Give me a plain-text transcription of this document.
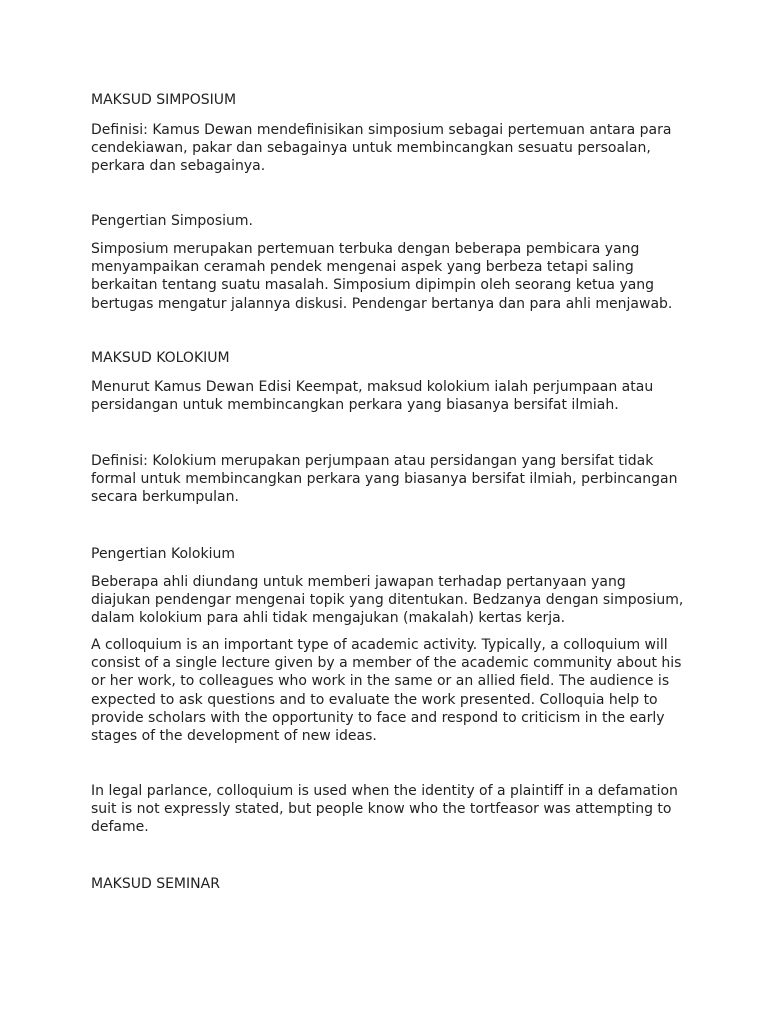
MAKSUD SIMPOSIUM

Definisi: Kamus Dewan mendefinisikan simposium sebagai pertemuan antara para
cendekiawan, pakar dan sebagainya untuk membincangkan sesuatu persoalan,
perkara dan sebagainya.

Pengertian Simposium.

Simposium merupakan pertemuan terbuka dengan beberapa pembicara yang
menyampaikan ceramah pendek mengenai aspek yang berbeza tetapi saling
berkaitan tentang suatu masalah. Simposium dipimpin oleh seorang ketua yang
bertugas mengatur jalannya diskusi. Pendengar bertanya dan para ahli menjawab.

MAKSUD KOLOKIUM

Menurut Kamus Dewan Edisi Keempat, maksud kolokium ialah perjumpaan atau
persidangan untuk membincangkan perkara yang biasanya bersifat ilmiah.

Definisi: Kolokium merupakan perjumpaan atau persidangan yang bersifat tidak
formal untuk membincangkan perkara yang biasanya bersifat ilmiah, perbincangan
secara berkumpulan.

Pengertian Kolokium

Beberapa ahli diundang untuk memberi jawapan terhadap pertanyaan yang
diajukan pendengar mengenai topik yang ditentukan. Bedzanya dengan simposium,
dalam kolokium para ahli tidak mengajukan (makalah) kertas kerja.

A colloquium is an important type of academic activity. Typically, a colloquium will
consist of a single lecture given by a member of the academic community about his
or her work, to colleagues who work in the same or an allied field. The audience is
expected to ask questions and to evaluate the work presented. Colloquia help to
provide scholars with the opportunity to face and respond to criticism in the early
stages of the development of new ideas.

In legal parlance, colloquium is used when the identity of a plaintiff in a defamation
suit is not expressly stated, but people know who the tortfeasor was attempting to
defame.

MAKSUD SEMINAR
